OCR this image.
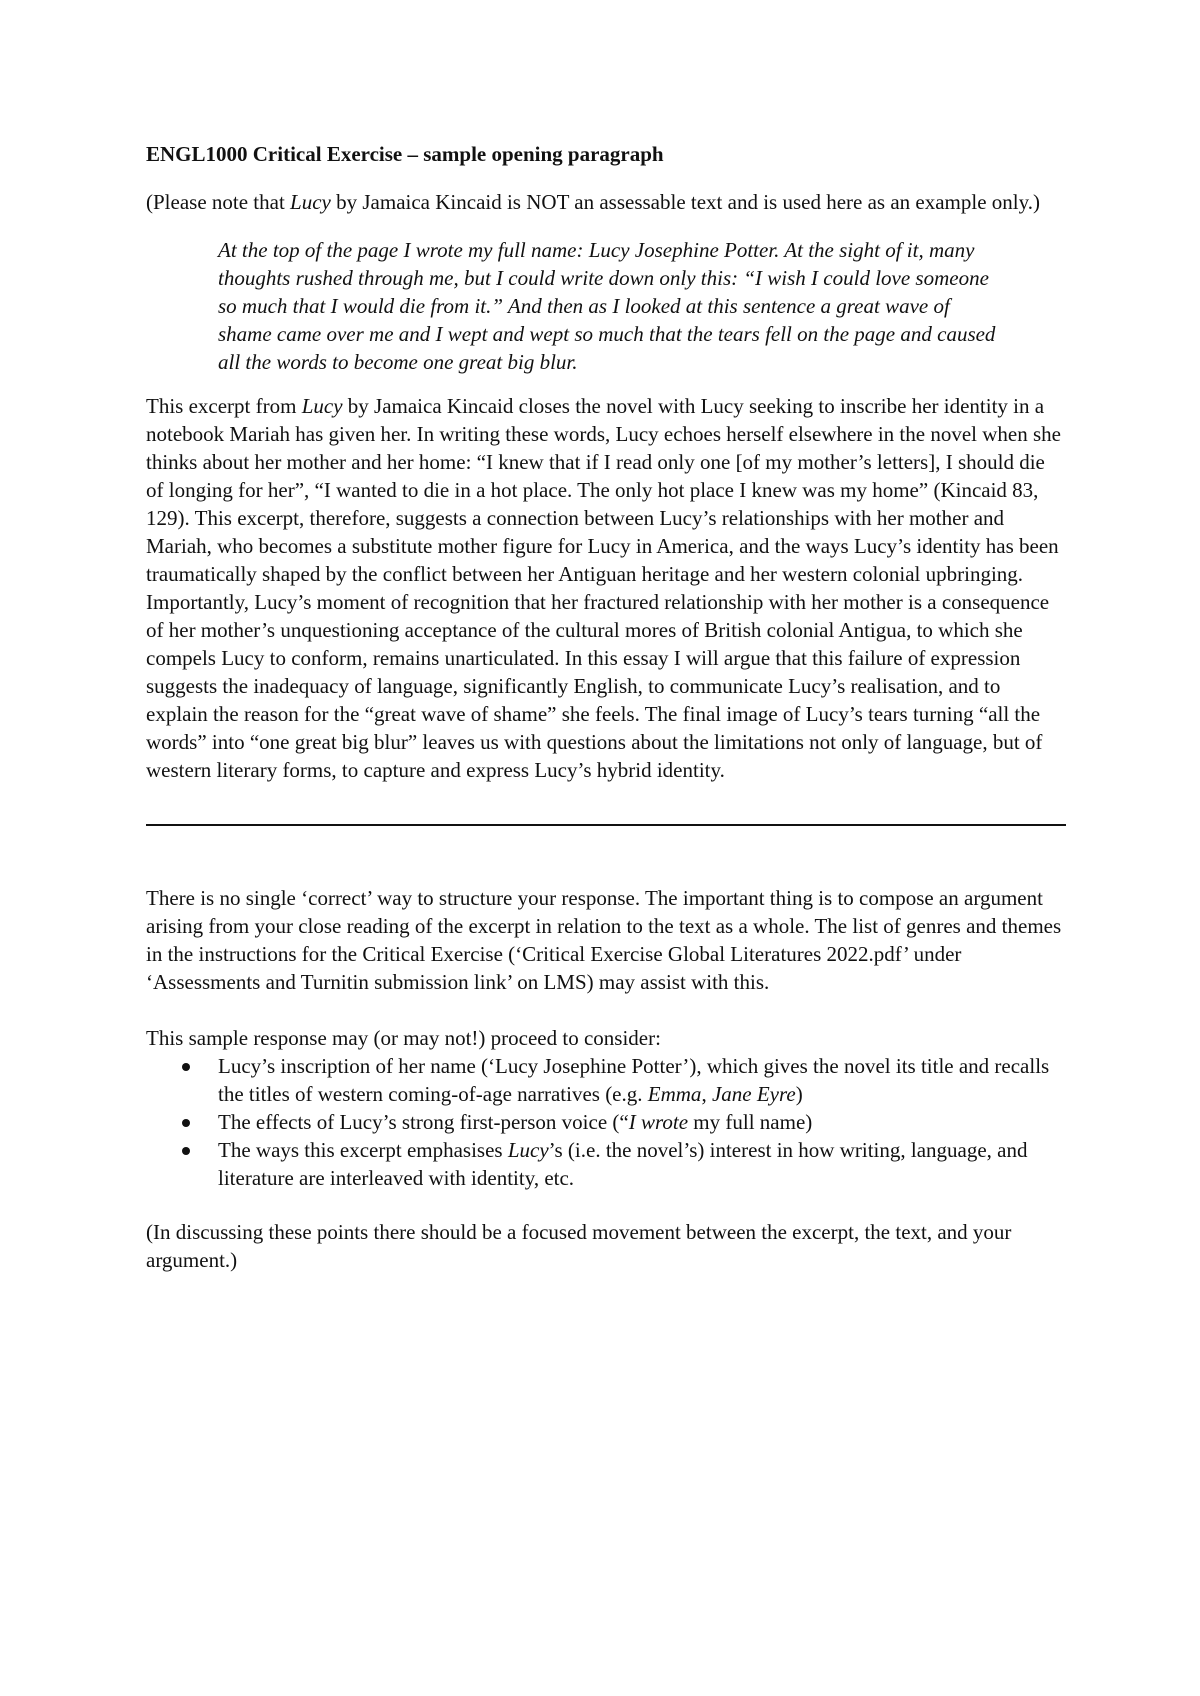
ENGL1000 Critical Exercise – sample opening paragraph

(Please note that Lucy by Jamaica Kincaid is NOT an assessable text and is used here as an example only.)

At the top of the page I wrote my full name: Lucy Josephine Potter. At the sight of it, many thoughts rushed through me, but I could write down only this: “I wish I could love someone so much that I would die from it.” And then as I looked at this sentence a great wave of shame came over me and I wept and wept so much that the tears fell on the page and caused all the words to become one great big blur.

This excerpt from Lucy by Jamaica Kincaid closes the novel with Lucy seeking to inscribe her identity in a notebook Mariah has given her. In writing these words, Lucy echoes herself elsewhere in the novel when she thinks about her mother and her home: “I knew that if I read only one [of my mother’s letters], I should die of longing for her”, “I wanted to die in a hot place. The only hot place I knew was my home” (Kincaid 83, 129). This excerpt, therefore, suggests a connection between Lucy’s relationships with her mother and Mariah, who becomes a substitute mother figure for Lucy in America, and the ways Lucy’s identity has been traumatically shaped by the conflict between her Antiguan heritage and her western colonial upbringing. Importantly, Lucy’s moment of recognition that her fractured relationship with her mother is a consequence of her mother’s unquestioning acceptance of the cultural mores of British colonial Antigua, to which she compels Lucy to conform, remains unarticulated. In this essay I will argue that this failure of expression suggests the inadequacy of language, significantly English, to communicate Lucy’s realisation, and to explain the reason for the “great wave of shame” she feels. The final image of Lucy’s tears turning “all the words” into “one great big blur” leaves us with questions about the limitations not only of language, but of western literary forms, to capture and express Lucy’s hybrid identity.

There is no single ‘correct’ way to structure your response. The important thing is to compose an argument arising from your close reading of the excerpt in relation to the text as a whole. The list of genres and themes in the instructions for the Critical Exercise (‘Critical Exercise Global Literatures 2022.pdf’ under ‘Assessments and Turnitin submission link’ on LMS) may assist with this.

This sample response may (or may not!) proceed to consider:

Lucy’s inscription of her name (‘Lucy Josephine Potter’), which gives the novel its title and recalls the titles of western coming-of-age narratives (e.g. Emma, Jane Eyre)
The effects of Lucy’s strong first-person voice (“I wrote my full name)
The ways this excerpt emphasises Lucy’s (i.e. the novel’s) interest in how writing, language, and literature are interleaved with identity, etc.

(In discussing these points there should be a focused movement between the excerpt, the text, and your argument.)
